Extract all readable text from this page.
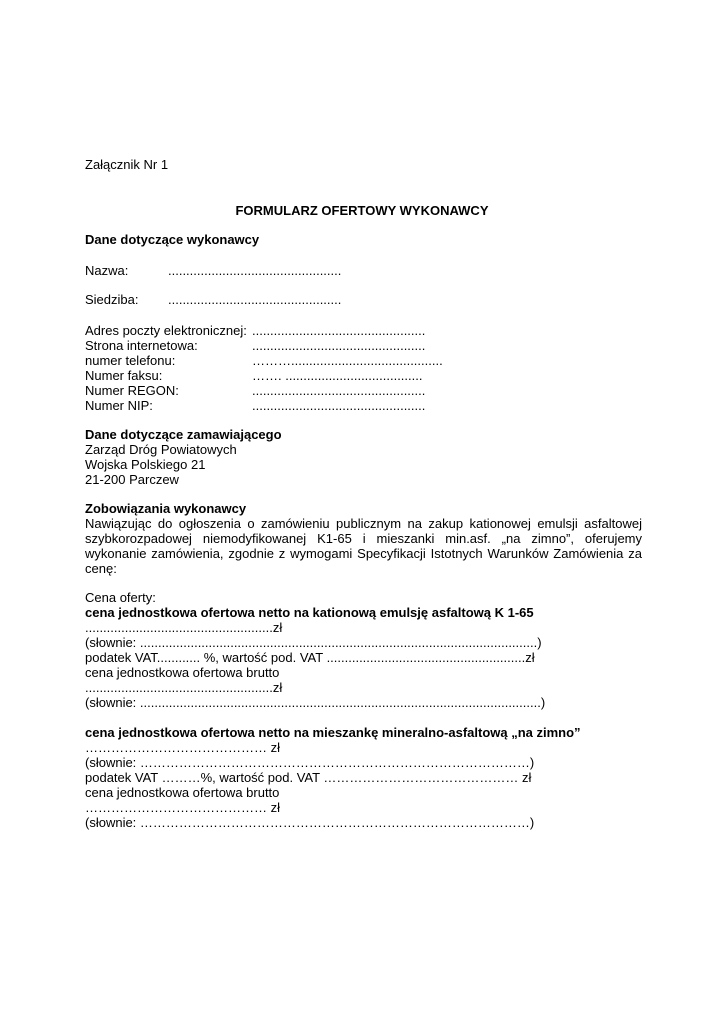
Załącznik Nr 1
FORMULARZ OFERTOWY WYKONAWCY
Dane dotyczące wykonawcy
Nazwa:	................................................
Siedziba: ................................................
Adres poczty elektronicznej: ................................................
Strona internetowa:	................................................
numer telefonu:	………..........................................
Numer faksu:	……. ......................................
Numer REGON:	................................................
Numer NIP:	................................................
Dane dotyczące zamawiającego
Zarząd Dróg Powiatowych
Wojska Polskiego 21
21-200 Parczew
Zobowiązania wykonawcy
Nawiązując do ogłoszenia o zamówieniu publicznym na zakup kationowej emulsji asfaltowej
szybkorozpadowej niemodyfikowanej K1-65 i mieszanki min.asf. „na zimno”, oferujemy
wykonanie zamówienia, zgodnie z wymogami Specyfikacji Istotnych Warunków Zamówienia za
cenę:
Cena oferty:
cena jednostkowa ofertowa netto na kationową emulsję asfaltową K 1-65
....................................................zł
(słownie: ..............................................................................................................)
podatek VAT............ %, wartość pod. VAT .......................................................zł
cena jednostkowa ofertowa brutto
....................................................zł
(słownie: ...............................................................................................................)
cena jednostkowa ofertowa netto na mieszankę mineralno-asfaltową „na zimno”
…………………………………… zł
(słownie: ………………………………………………………………………………)
podatek VAT ………%, wartość pod. VAT ……………………………………… zł
cena jednostkowa ofertowa brutto
…………………………………… zł
(słownie: ………………………………………………………………………………)
